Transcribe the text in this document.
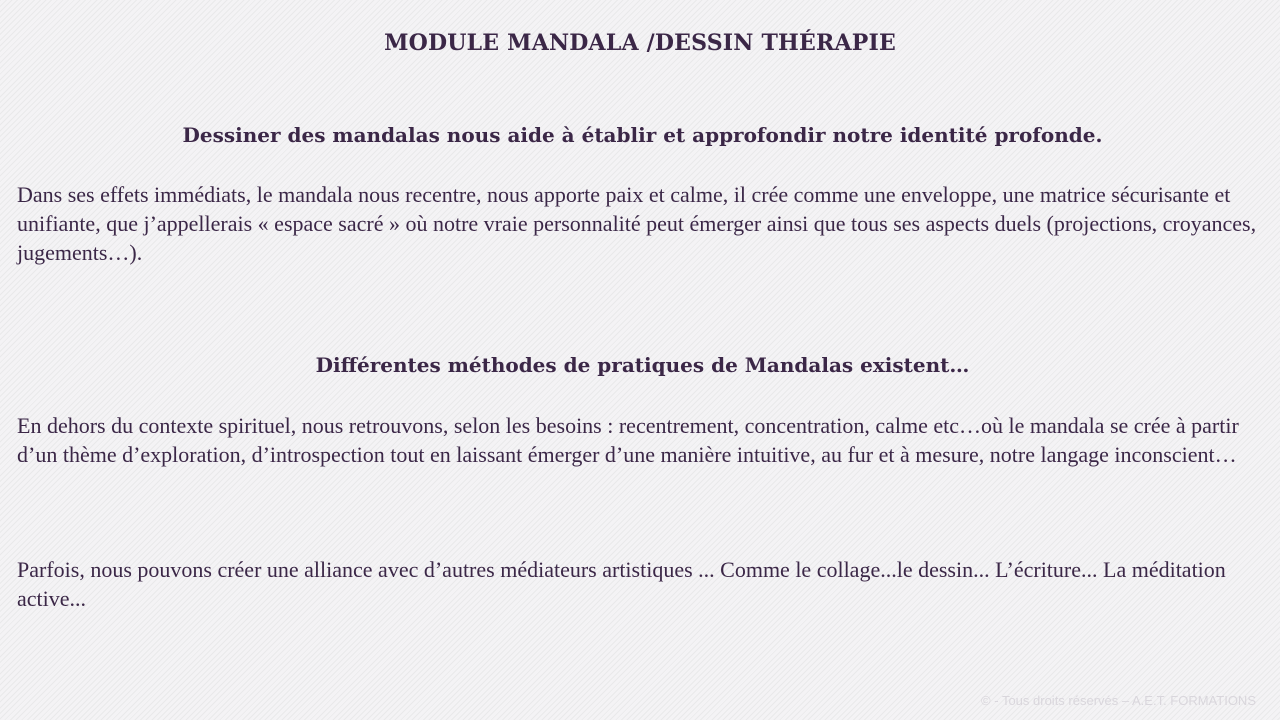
MODULE MANDALA /DESSIN THÉRAPIE
Dessiner des mandalas nous aide à établir et approfondir notre identité profonde.

Dans ses effets immédiats, le mandala nous recentre, nous apporte paix et calme, il crée comme une enveloppe, une matrice sécurisante et unifiante, que j’appellerais « espace sacré » où notre vraie personnalité peut émerger ainsi que tous ses aspects duels (projections, croyances, jugements…).

Différentes méthodes de pratiques de Mandalas existent…

En dehors du contexte spirituel, nous retrouvons, selon les besoins : recentrement, concentration, calme etc…où le mandala se crée à partir d’un thème d’exploration, d’introspection tout en laissant émerger d’une manière intuitive, au fur et à mesure, notre langage inconscient…

Parfois, nous pouvons créer une alliance avec d’autres médiateurs artistiques ... Comme le collage...le dessin... L’écriture... La méditation active...

© - Tous droits réservés – A.E.T. FORMATIONS
